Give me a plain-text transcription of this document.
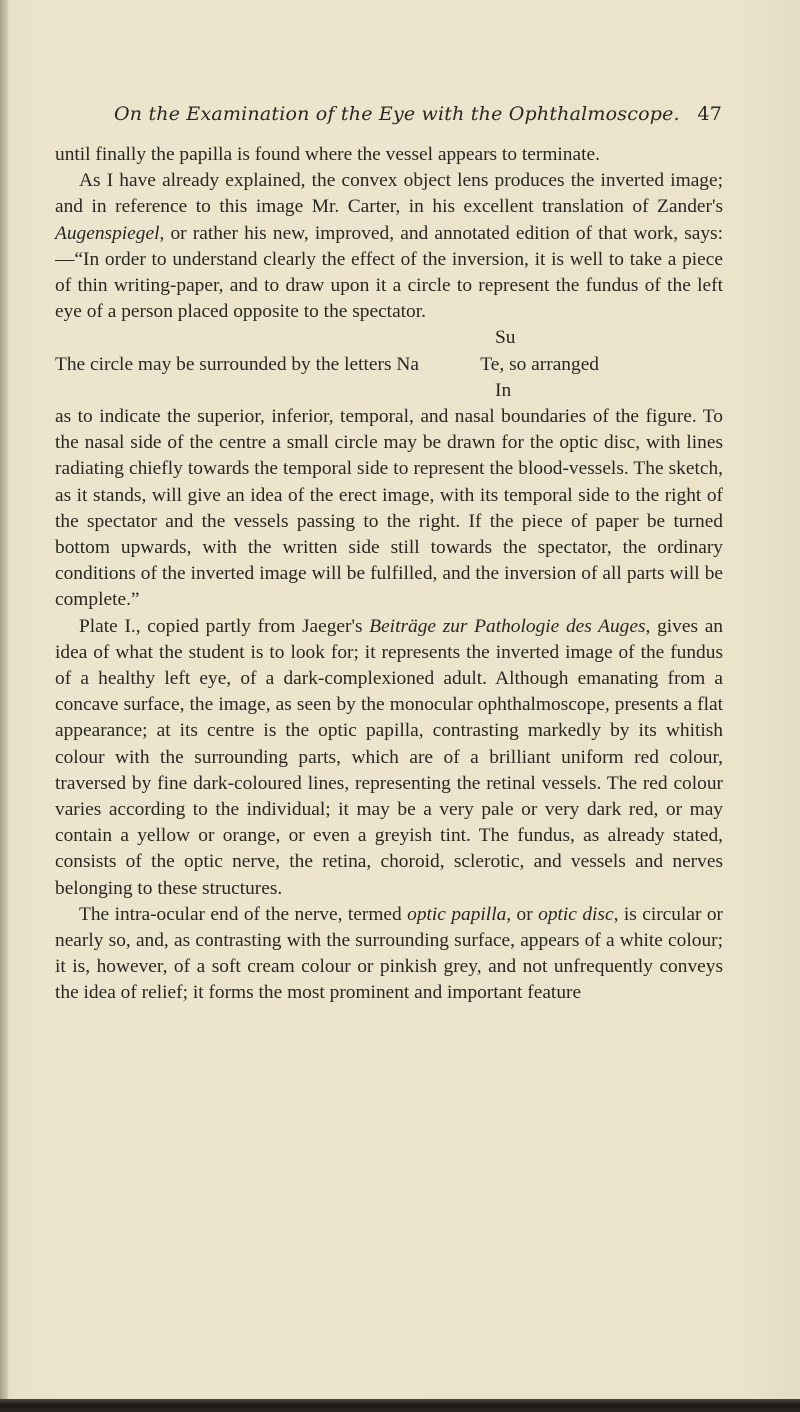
On the Examination of the Eye with the Ophthalmoscope. 47

until finally the papilla is found where the vessel appears to terminate.

As I have already explained, the convex object lens produces the inverted image; and in reference to this image Mr. Carter, in his excellent translation of Zander's Augenspiegel, or rather his new, improved, and annotated edition of that work, says:—“In order to understand clearly the effect of the inversion, it is well to take a piece of thin writing-paper, and to draw upon it a circle to represent the fundus of the left eye of a person placed opposite to the spectator.

Su
The circle may be surrounded by the letters Na	Te, so arranged
In

as to indicate the superior, inferior, temporal, and nasal boundaries of the figure. To the nasal side of the centre a small circle may be drawn for the optic disc, with lines radiating chiefly towards the temporal side to represent the blood-vessels. The sketch, as it stands, will give an idea of the erect image, with its temporal side to the right of the spectator and the vessels passing to the right. If the piece of paper be turned bottom upwards, with the written side still towards the spectator, the ordinary conditions of the inverted image will be fulfilled, and the inversion of all parts will be complete.”

Plate I., copied partly from Jaeger's Beiträge zur Pathologie des Auges, gives an idea of what the student is to look for; it represents the inverted image of the fundus of a healthy left eye, of a dark-complexioned adult. Although emanating from a concave surface, the image, as seen by the monocular ophthalmoscope, presents a flat appearance; at its centre is the optic papilla, contrasting markedly by its whitish colour with the surrounding parts, which are of a brilliant uniform red colour, traversed by fine dark-coloured lines, representing the retinal vessels. The red colour varies according to the individual; it may be a very pale or very dark red, or may contain a yellow or orange, or even a greyish tint. The fundus, as already stated, consists of the optic nerve, the retina, choroid, sclerotic, and vessels and nerves belonging to these structures.

The intra-ocular end of the nerve, termed optic papilla, or optic disc, is circular or nearly so, and, as contrasting with the surrounding surface, appears of a white colour; it is, however, of a soft cream colour or pinkish grey, and not unfrequently conveys the idea of relief; it forms the most prominent and important feature
